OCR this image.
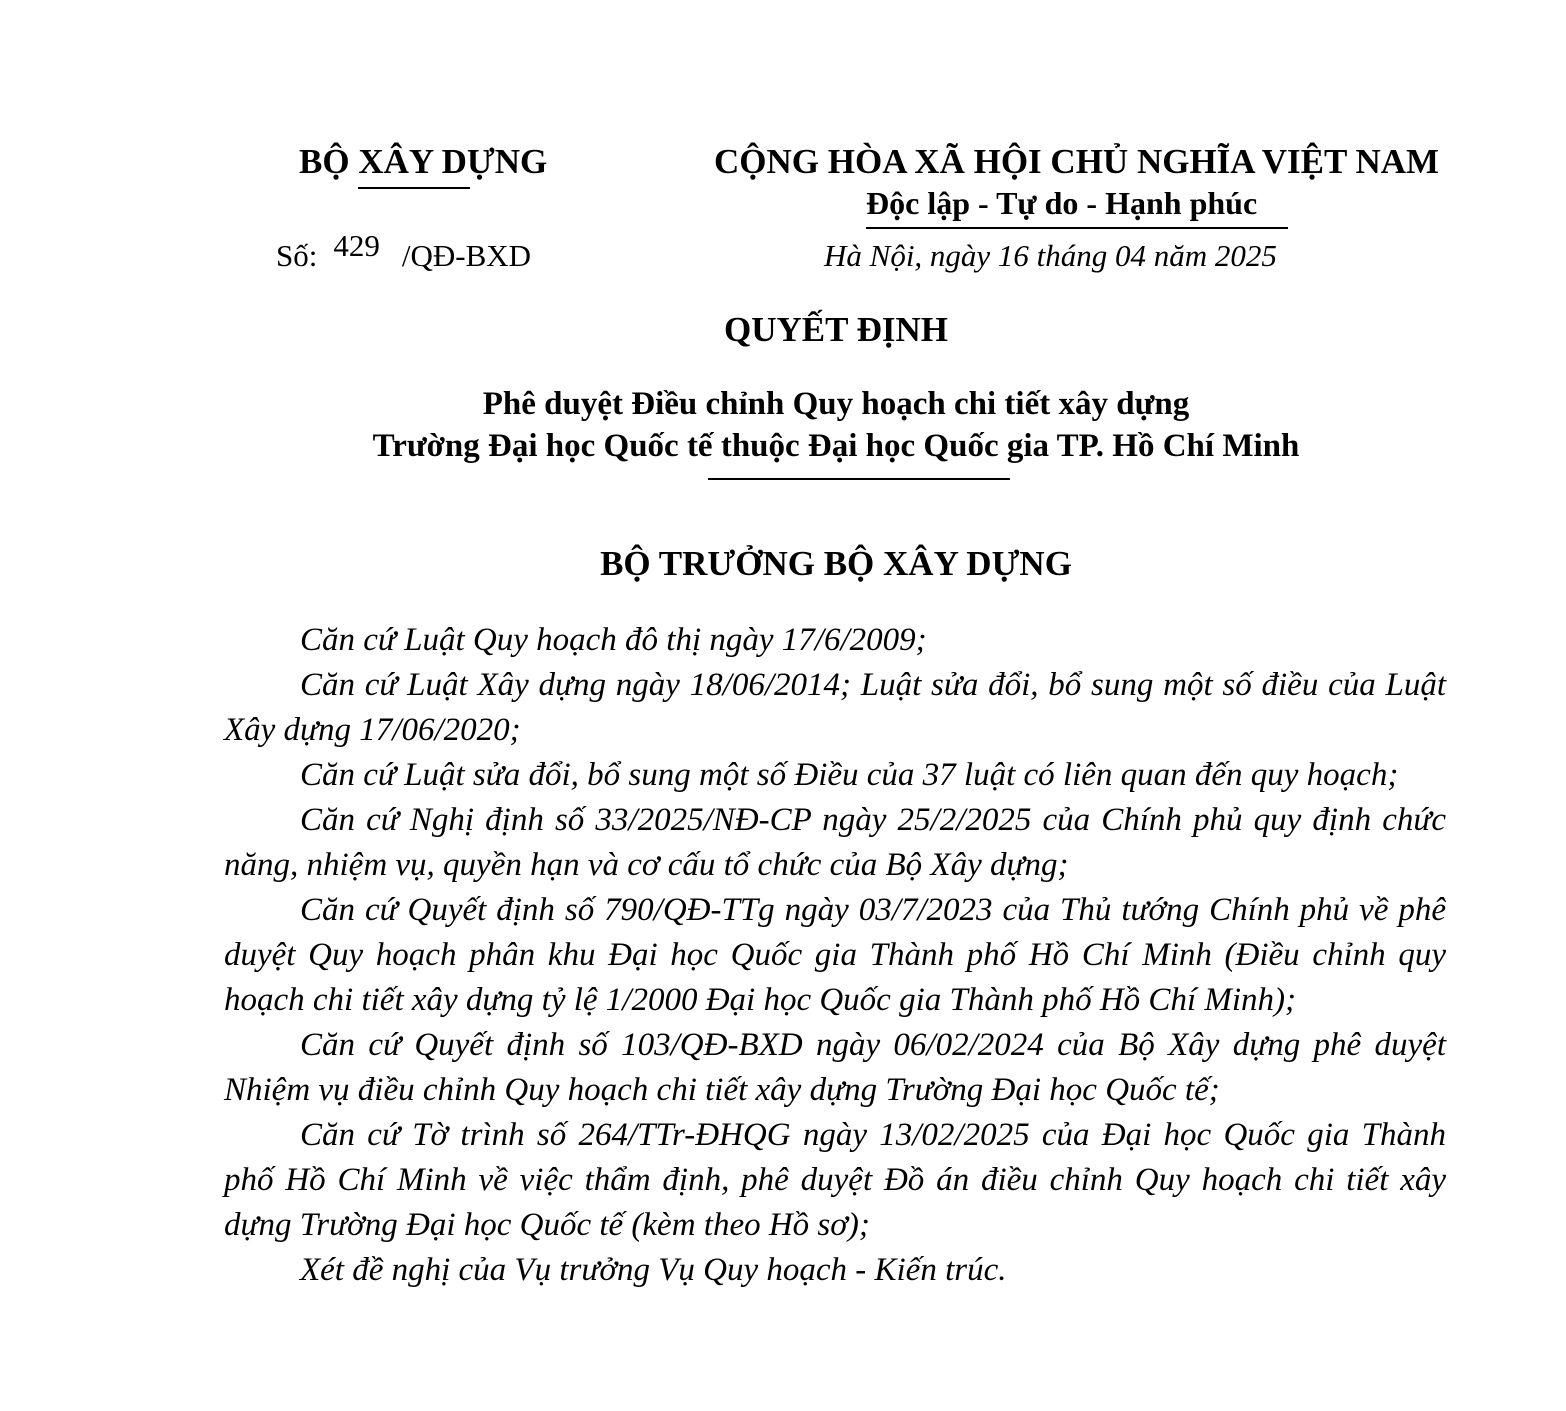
BỘ XÂY DỰNG
Số: 429 /QĐ-BXD
CỘNG HÒA XÃ HỘI CHỦ NGHĨA VIỆT NAM
Độc lập - Tự do - Hạnh phúc
Hà Nội, ngày 16 tháng 04 năm 2025
QUYẾT ĐỊNH
Phê duyệt Điều chỉnh Quy hoạch chi tiết xây dựng
Trường Đại học Quốc tế thuộc Đại học Quốc gia TP. Hồ Chí Minh
BỘ TRƯỞNG BỘ XÂY DỰNG

Căn cứ Luật Quy hoạch đô thị ngày 17/6/2009;

Căn cứ Luật Xây dựng ngày 18/06/2014; Luật sửa đổi, bổ sung một số điều của Luật Xây dựng 17/06/2020;

Căn cứ Luật sửa đổi, bổ sung một số Điều của 37 luật có liên quan đến quy hoạch;

Căn cứ Nghị định số 33/2025/NĐ-CP ngày 25/2/2025 của Chính phủ quy định chức năng, nhiệm vụ, quyền hạn và cơ cấu tổ chức của Bộ Xây dựng;

Căn cứ Quyết định số 790/QĐ-TTg ngày 03/7/2023 của Thủ tướng Chính phủ về phê duyệt Quy hoạch phân khu Đại học Quốc gia Thành phố Hồ Chí Minh (Điều chỉnh quy hoạch chi tiết xây dựng tỷ lệ 1/2000 Đại học Quốc gia Thành phố Hồ Chí Minh);

Căn cứ Quyết định số 103/QĐ-BXD ngày 06/02/2024 của Bộ Xây dựng phê duyệt Nhiệm vụ điều chỉnh Quy hoạch chi tiết xây dựng Trường Đại học Quốc tế;

Căn cứ Tờ trình số 264/TTr-ĐHQG ngày 13/02/2025 của Đại học Quốc gia Thành phố Hồ Chí Minh về việc thẩm định, phê duyệt Đồ án điều chỉnh Quy hoạch chi tiết xây dựng Trường Đại học Quốc tế (kèm theo Hồ sơ);

Xét đề nghị của Vụ trưởng Vụ Quy hoạch - Kiến trúc.
